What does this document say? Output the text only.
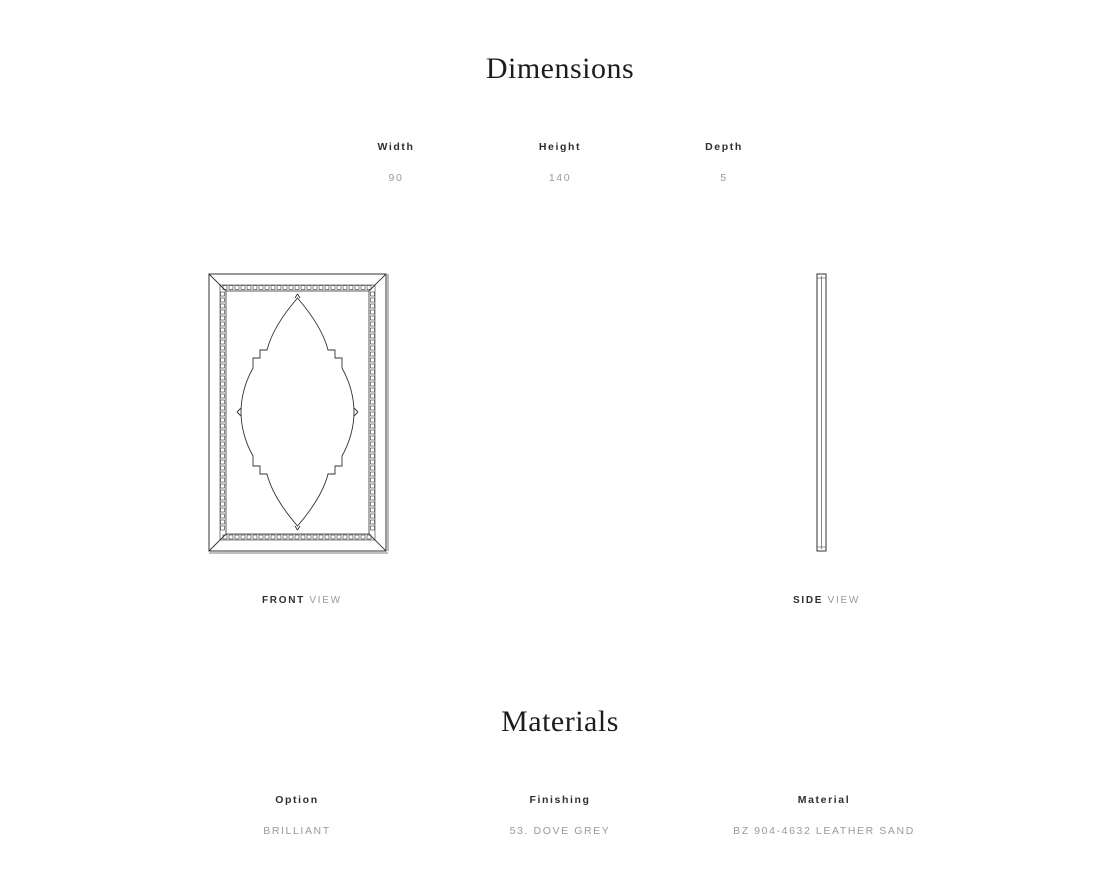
Dimensions
Width
90
Height
140
Depth
5
FRONT VIEW	SIDE VIEW
Materials
Option
BRILLIANT
Finishing
53. DOVE GREY
Material
BZ 904-4632 LEATHER SAND
